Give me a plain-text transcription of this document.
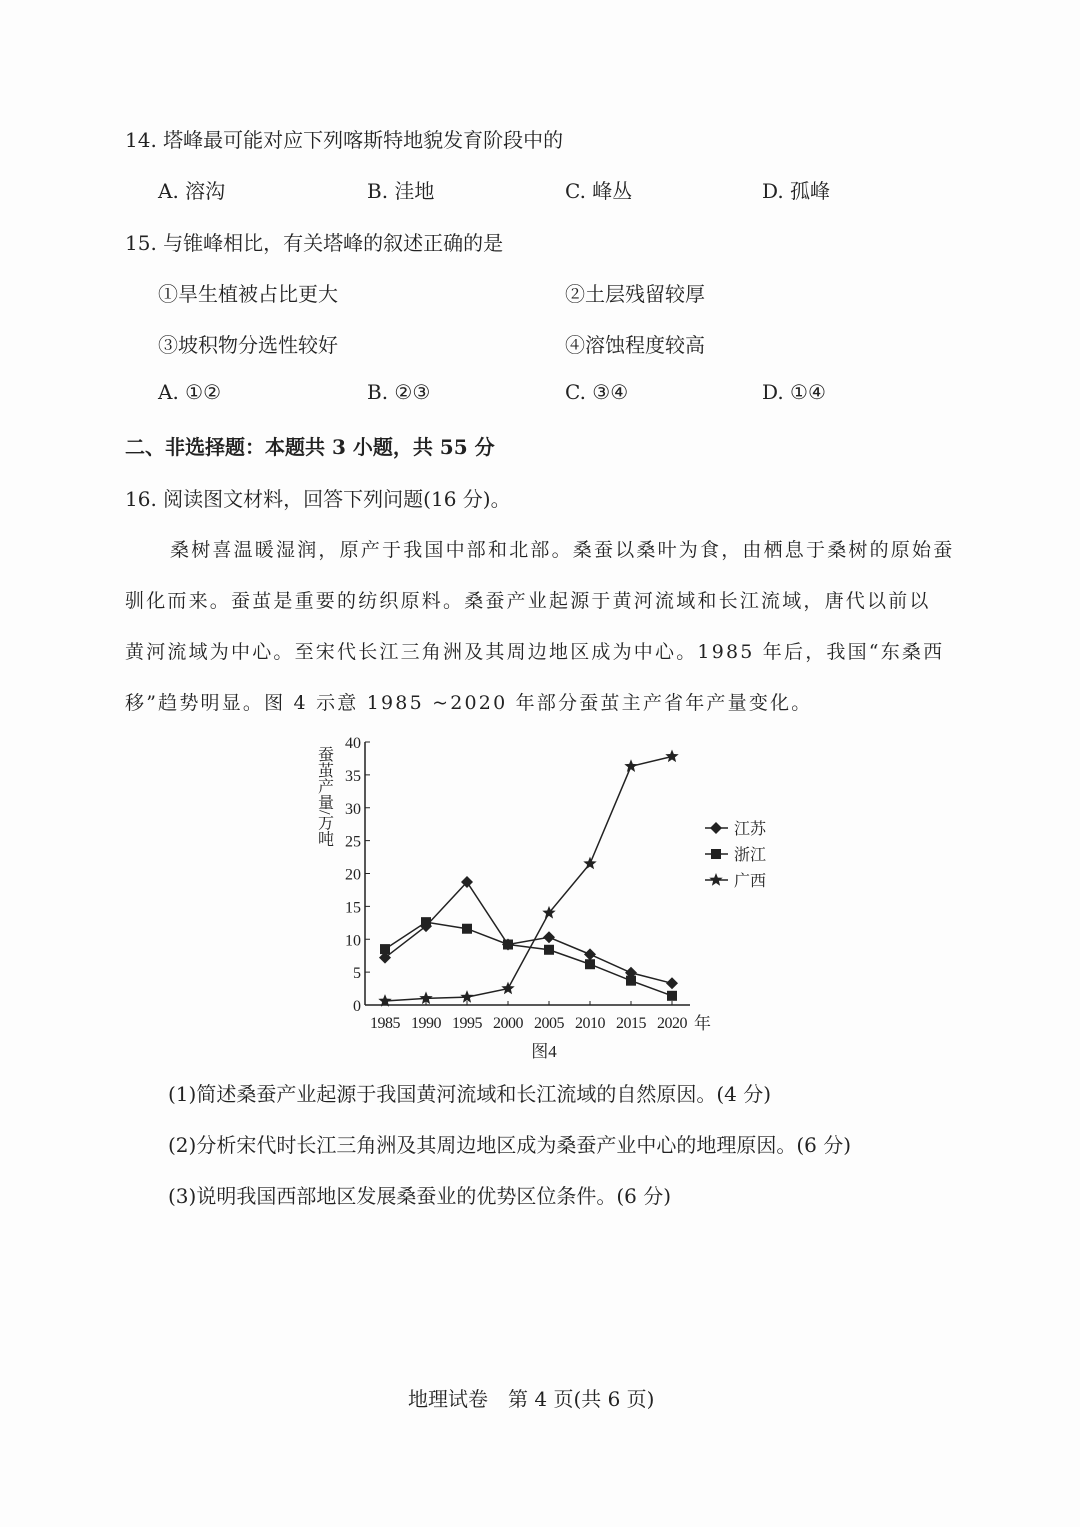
14. 塔峰最可能对应下列喀斯特地貌发育阶段中的
A. 溶沟	B. 洼地	C. 峰丛	D. 孤峰
15. 与锥峰相比，有关塔峰的叙述正确的是
①旱生植被占比更大	②土层残留较厚
③坡积物分选性较好	④溶蚀程度较高
A. ①②	B. ②③	C. ③④	D. ①④
二、非选择题：本题共 3 小题，共 55 分
16. 阅读图文材料，回答下列问题(16 分)。
桑树喜温暖湿润，原产于我国中部和北部。桑蚕以桑叶为食，由栖息于桑树的原始蚕
驯化而来。蚕茧是重要的纺织原料。桑蚕产业起源于黄河流域和长江流域，唐代以前以
黄河流域为中心。至宋代长江三角洲及其周边地区成为中心。1985 年后，我国“东桑西
移”趋势明显。图 4 示意 1985 ~2020 年部分蚕茧主产省年产量变化。
0
5
10
15
20
25
30
35
40
1985 1990 1995 2000 2005 2010 2015 2020 年
图4
蚕茧产量/万吨	江苏
浙江
广西
(1)简述桑蚕产业起源于我国黄河流域和长江流域的自然原因。(4 分)
(2)分析宋代时长江三角洲及其周边地区成为桑蚕产业中心的地理原因。(6 分)
(3)说明我国西部地区发展桑蚕业的优势区位条件。(6 分)
地理试卷　第 4 页(共 6 页)
